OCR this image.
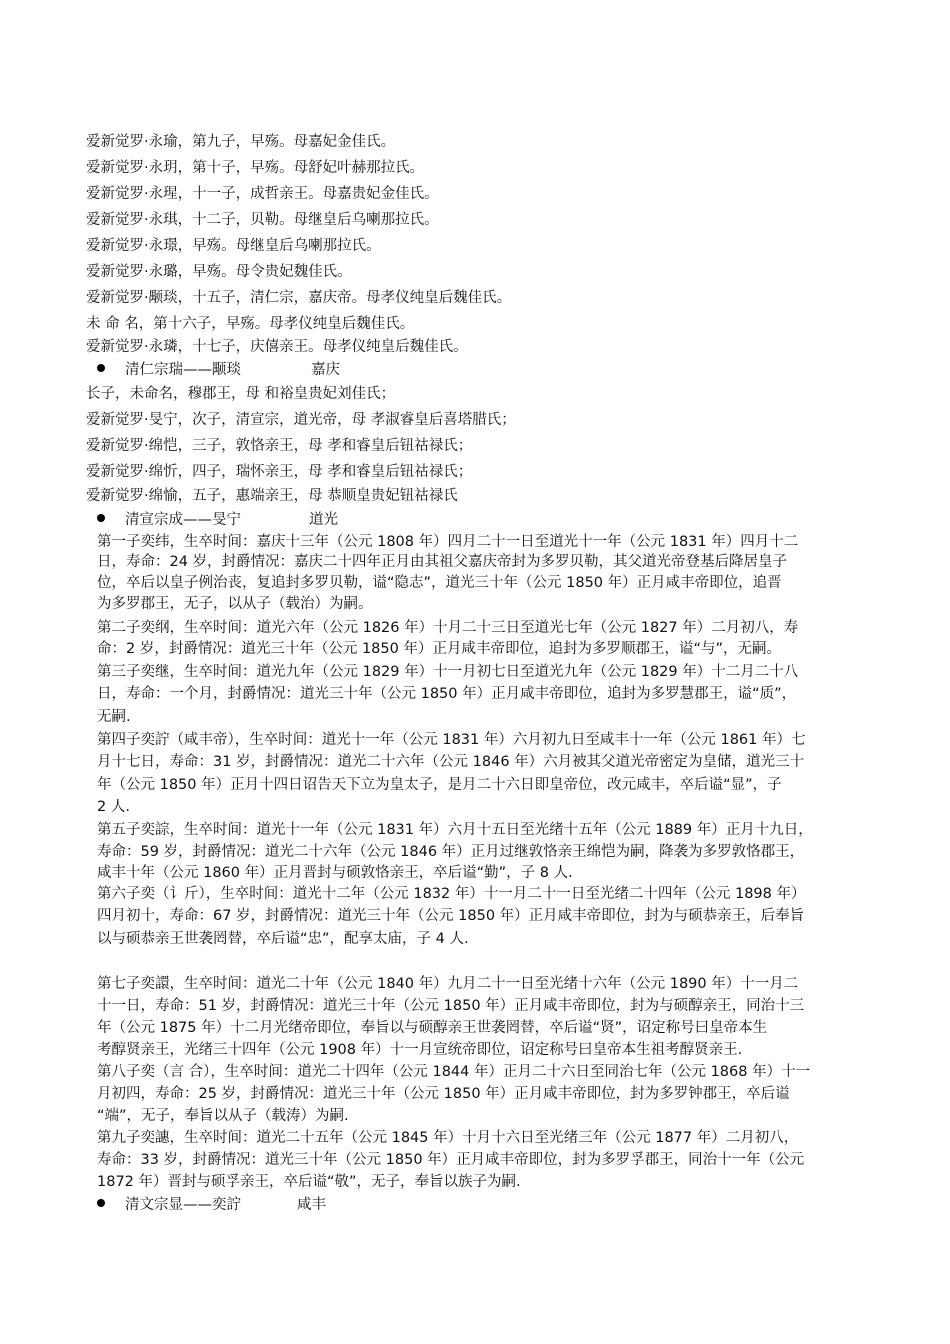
爱新觉罗·永瑜，第九子，早殇。母嘉妃金佳氏。
爱新觉罗·永玥，第十子，早殇。母舒妃叶赫那拉氏。
爱新觉罗·永瑆，十一子，成哲亲王。母嘉贵妃金佳氏。
爱新觉罗·永琪，十二子，贝勒。母继皇后乌喇那拉氏。
爱新觉罗·永璟，早殇。母继皇后乌喇那拉氏。
爱新觉罗·永璐，早殇。母令贵妃魏佳氏。
爱新觉罗·颙琰，十五子，清仁宗，嘉庆帝。母孝仪纯皇后魏佳氏。
未 命 名，第十六子，早殇。母孝仪纯皇后魏佳氏。
爱新觉罗·永璘，十七子，庆僖亲王。母孝仪纯皇后魏佳氏。
清仁宗瑞——颙琰	嘉庆
长子，未命名，穆郡王，母 和裕皇贵妃刘佳氏；
爱新觉罗·旻宁，次子，清宣宗，道光帝，母 孝淑睿皇后喜塔腊氏；
爱新觉罗·绵恺，三子，敦恪亲王，母 孝和睿皇后钮祜禄氏；
爱新觉罗·绵忻，四子，瑞怀亲王，母 孝和睿皇后钮祜禄氏；
爱新觉罗·绵愉，五子，惠端亲王，母 恭顺皇贵妃钮祜禄氏
清宣宗成——旻宁	道光
第一子奕纬，生卒时间：嘉庆十三年（公元 1808 年）四月二十一日至道光十一年（公元 1831 年）四月十二
日，寿命：24 岁，封爵情况：嘉庆二十四年正月由其祖父嘉庆帝封为多罗贝勒，其父道光帝登基后降居皇子
位，卒后以皇子例治丧，复追封多罗贝勒，谥“隐志”，道光三十年（公元 1850 年）正月咸丰帝即位，追晋
为多罗郡王，无子，以从子（载治）为嗣。
第二子奕纲，生卒时间：道光六年（公元 1826 年）十月二十三日至道光七年（公元 1827 年）二月初八，寿
命：2 岁，封爵情况：道光三十年（公元 1850 年）正月咸丰帝即位，追封为多罗顺郡王，谥“与”，无嗣。
第三子奕继，生卒时间：道光九年（公元 1829 年）十一月初七日至道光九年（公元 1829 年）十二月二十八
日，寿命：一个月，封爵情况：道光三十年（公元 1850 年）正月咸丰帝即位，追封为多罗慧郡王，谥“质”，
无嗣.
第四子奕詝（咸丰帝），生卒时间：道光十一年（公元 1831 年）六月初九日至咸丰十一年（公元 1861 年）七
月十七日，寿命：31 岁，封爵情况：道光二十六年（公元 1846 年）六月被其父道光帝密定为皇储，道光三十
年（公元 1850 年）正月十四日诏告天下立为皇太子，是月二十六日即皇帝位，改元咸丰，卒后谥“显”，子
2 人.
第五子奕誴，生卒时间：道光十一年（公元 1831 年）六月十五日至光绪十五年（公元 1889 年）正月十九日，
寿命：59 岁，封爵情况：道光二十六年（公元 1846 年）正月过继敦恪亲王绵恺为嗣，降袭为多罗敦恪郡王，
咸丰十年（公元 1860 年）正月晋封与硕敦恪亲王，卒后谥“勤”，子 8 人.
第六子奕（讠斤），生卒时间：道光十二年（公元 1832 年）十一月二十一日至光绪二十四年（公元 1898 年）
四月初十，寿命：67 岁，封爵情况：道光三十年（公元 1850 年）正月咸丰帝即位，封为与硕恭亲王，后奉旨
以与硕恭亲王世袭罔替，卒后谥“忠”，配享太庙，子 4 人.
第七子奕譞，生卒时间：道光二十年（公元 1840 年）九月二十一日至光绪十六年（公元 1890 年）十一月二
十一日，寿命：51 岁，封爵情况：道光三十年（公元 1850 年）正月咸丰帝即位，封为与硕醇亲王，同治十三
年（公元 1875 年）十二月光绪帝即位，奉旨以与硕醇亲王世袭罔替，卒后谥“贤”，诏定称号曰皇帝本生
考醇贤亲王，光绪三十四年（公元 1908 年）十一月宣统帝即位，诏定称号曰皇帝本生祖考醇贤亲王.
第八子奕（言 合），生卒时间：道光二十四年（公元 1844 年）正月二十六日至同治七年（公元 1868 年）十一
月初四，寿命：25 岁，封爵情况：道光三十年（公元 1850 年）正月咸丰帝即位，封为多罗钟郡王，卒后谥
“端”，无子，奉旨以从子（载涛）为嗣.
第九子奕譓，生卒时间：道光二十五年（公元 1845 年）十月十六日至光绪三年（公元 1877 年）二月初八，
寿命：33 岁，封爵情况：道光三十年（公元 1850 年）正月咸丰帝即位，封为多罗孚郡王，同治十一年（公元
1872 年）晋封与硕孚亲王，卒后谥“敬”，无子，奉旨以族子为嗣.
清文宗显——奕詝	咸丰
